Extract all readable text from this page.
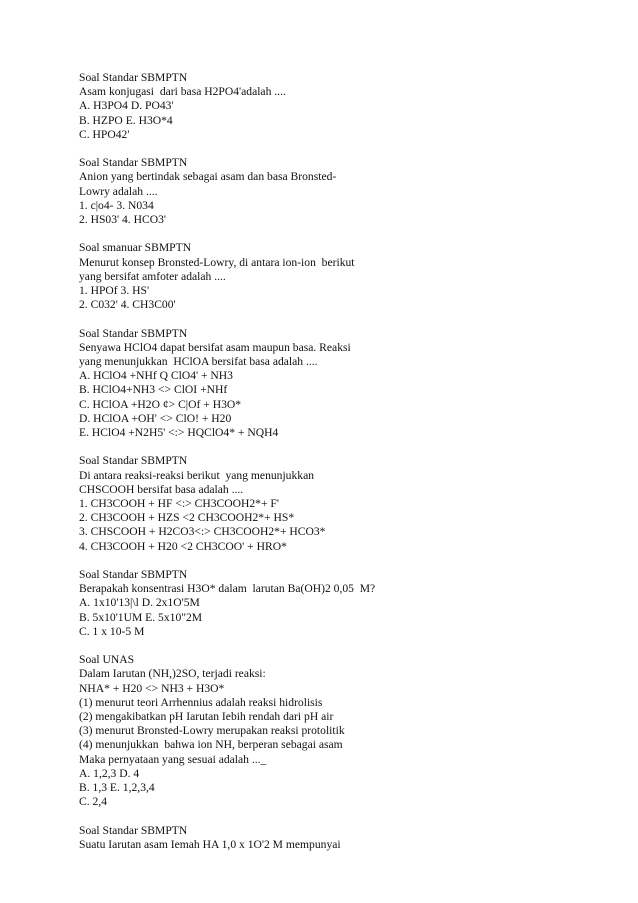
Soal Standar SBMPTN
Asam konjugasi  dari basa H2PO4'adalah ....
A. H3PO4 D. PO43'
B. HZPO E. H3O*4
C. HPO42'
Soal Standar SBMPTN
Anion yang bertindak sebagai asam dan basa Bronsted-
Lowry adalah ....
1. c|o4- 3. N034
2. HS03' 4. HCO3'
Soal smanuar SBMPTN
Menurut konsep Bronsted-Lowry, di antara ion-ion  berikut
yang bersifat amfoter adalah ....
1. HPOf 3. HS'
2. C032' 4. CH3C00'
Soal Standar SBMPTN
Senyawa HClO4 dapat bersifat asam maupun basa. Reaksi
yang menunjukkan  HClOA bersifat basa adalah ....
A. HClO4 +NHf Q ClO4' + NH3
B. HClO4+NH3 <> ClOI +NHf
C. HClOA +H2O ¢> C|Of + H3O*
D. HClOA +OH' <> ClO! + H20
E. HClO4 +N2H5' <:> HQClO4* + NQH4
Soal Standar SBMPTN
Di antara reaksi-reaksi berikut  yang menunjukkan
CHSCOOH bersifat basa adalah ....
1. CH3COOH + HF <:> CH3COOH2*+ F'
2. CH3COOH + HZS <2 CH3COOH2*+ HS*
3. CHSCOOH + H2CO3<:> CH3COOH2*+ HCO3*
4. CH3COOH + H20 <2 CH3COO' + HRO*
Soal Standar SBMPTN
Berapakah konsentrasi H3O* dalam  larutan Ba(OH)2 0,05  M?
A. 1x10'13|\l D. 2x1O'5M
B. 5x10'1UM E. 5x10"2M
C. 1 x 10-5 M
Soal UNAS
Dalam Iarutan (NH,)2SO, terjadi reaksi:
NHA* + H20 <> NH3 + H3O*
(1) menurut teori Arrhennius adalah reaksi hidrolisis
(2) mengakibatkan pH Iarutan Iebih rendah dari pH air
(3) menurut Bronsted-Lowry merupakan reaksi protolitik
(4) menunjukkan  bahwa ion NH, berperan sebagai asam
Maka pernyataan yang sesuai adalah ..._
A. 1,2,3 D. 4
B. 1,3 E. 1,2,3,4
C. 2,4
Soal Standar SBMPTN
Suatu Iarutan asam Iemah HA 1,0 x 1O'2 M mempunyai
